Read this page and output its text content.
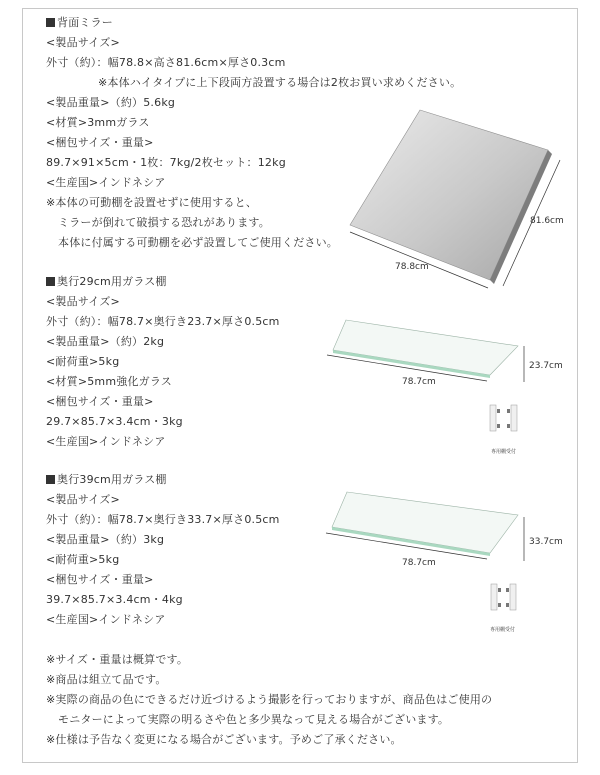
背面ミラー
<製品サイズ>
外寸（約）：幅78.8×高さ81.6cm×厚さ0.3cm
※本体ハイタイプに上下段両方設置する場合は2枚お買い求めください。
<製品重量>（約）5.6kg
<材質>3mmガラス
<梱包サイズ・重量>
89.7×91×5cm・1枚：7kg/2枚セット：12kg
<生産国>インドネシア
※本体の可動棚を設置せずに使用すると、
ミラーが倒れて破損する恐れがあります。
本体に付属する可動棚を必ず設置してご使用ください。
78.8cm
81.6cm
奥行29cm用ガラス棚
<製品サイズ>
外寸（約）：幅78.7×奥行き23.7×厚さ0.5cm
<製品重量>（約）2kg
<耐荷重>5kg
<材質>5mm強化ガラス
<梱包サイズ・重量>
29.7×85.7×3.4cm・3kg
<生産国>インドネシア
78.7cm
23.7cm
専用棚受付
奥行39cm用ガラス棚
<製品サイズ>
外寸（約）：幅78.7×奥行き33.7×厚さ0.5cm
<製品重量>（約）3kg
<耐荷重>5kg
<梱包サイズ・重量>
39.7×85.7×3.4cm・4kg
<生産国>インドネシア
78.7cm
33.7cm
専用棚受付
※サイズ・重量は概算です。
※商品は組立て品です。
※実際の商品の色にできるだけ近づけるよう撮影を行っておりますが、商品色はご使用の
モニターによって実際の明るさや色と多少異なって見える場合がございます。
※仕様は予告なく変更になる場合がございます。予めご了承ください。
